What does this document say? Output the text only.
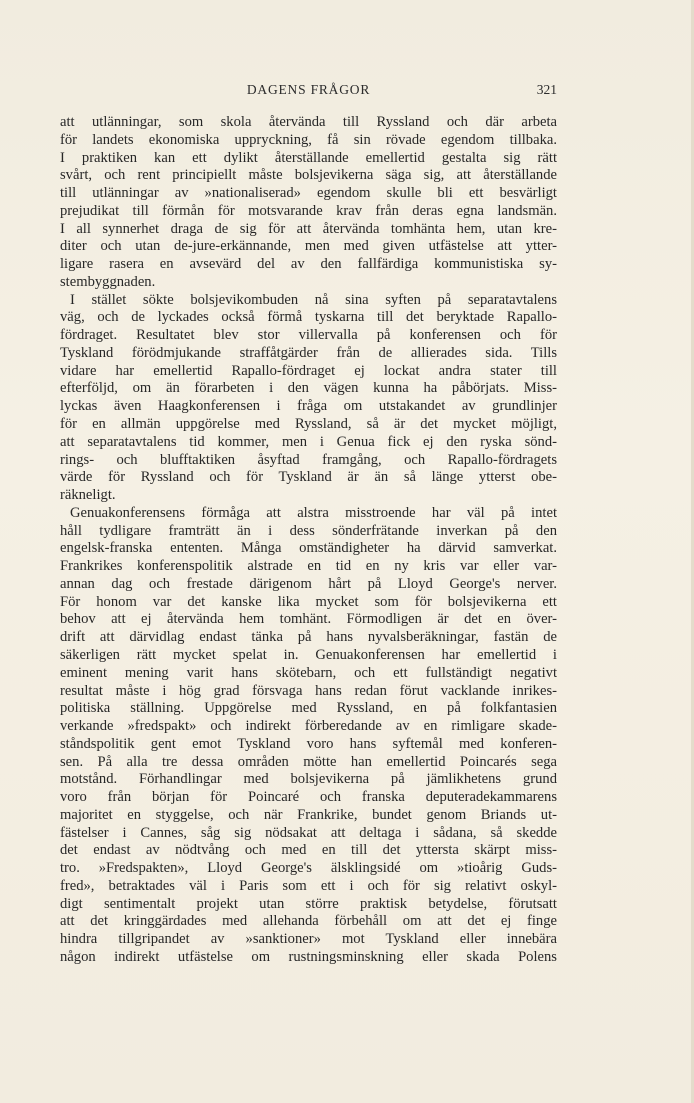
DAGENS FRÅGOR	321
att utlänningar, som skola återvända till Ryssland och där arbeta
för landets ekonomiska uppryckning, få sin rövade egendom tillbaka.
I praktiken kan ett dylikt återställande emellertid gestalta sig rätt
svårt, och rent principiellt måste bolsjevikerna säga sig, att återställande
till utlänningar av »nationaliserad» egendom skulle bli ett besvärligt
prejudikat till förmån för motsvarande krav från deras egna landsmän.
I all synnerhet draga de sig för att återvända tomhänta hem, utan kre-
diter och utan de-jure-erkännande, men med given utfästelse att ytter-
ligare rasera en avsevärd del av den fallfärdiga kommunistiska sy-
stembyggnaden.
I stället sökte bolsjevikombuden nå sina syften på separatavtalens
väg, och de lyckades också förmå tyskarna till det beryktade Rapallo-
fördraget. Resultatet blev stor villervalla på konferensen och för
Tyskland förödmjukande straffåtgärder från de allierades sida. Tills
vidare har emellertid Rapallo-fördraget ej lockat andra stater till
efterföljd, om än förarbeten i den vägen kunna ha påbörjats. Miss-
lyckas även Haagkonferensen i fråga om utstakandet av grundlinjer
för en allmän uppgörelse med Ryssland, så är det mycket möjligt,
att separatavtalens tid kommer, men i Genua fick ej den ryska sönd-
rings- och blufftaktiken åsyftad framgång, och Rapallo-fördragets
värde för Ryssland och för Tyskland är än så länge ytterst obe-
räkneligt.
Genuakonferensens förmåga att alstra misstroende har väl på intet
håll tydligare framträtt än i dess sönderfrätande inverkan på den
engelsk-franska ententen. Många omständigheter ha därvid samverkat.
Frankrikes konferenspolitik alstrade en tid en ny kris var eller var-
annan dag och frestade därigenom hårt på Lloyd George's nerver.
För honom var det kanske lika mycket som för bolsjevikerna ett
behov att ej återvända hem tomhänt. Förmodligen är det en över-
drift att därvidlag endast tänka på hans nyvalsberäkningar, fastän de
säkerligen rätt mycket spelat in. Genuakonferensen har emellertid i
eminent mening varit hans skötebarn, och ett fullständigt negativt
resultat måste i hög grad försvaga hans redan förut vacklande inrikes-
politiska ställning. Uppgörelse med Ryssland, en på folkfantasien
verkande »fredspakt» och indirekt förberedande av en rimligare skade-
ståndspolitik gent emot Tyskland voro hans syftemål med konferen-
sen. På alla tre dessa områden mötte han emellertid Poincarés sega
motstånd. Förhandlingar med bolsjevikerna på jämlikhetens grund
voro från början för Poincaré och franska deputeradekammarens
majoritet en styggelse, och när Frankrike, bundet genom Briands ut-
fästelser i Cannes, såg sig nödsakat att deltaga i sådana, så skedde
det endast av nödtvång och med en till det yttersta skärpt miss-
tro. »Fredspakten», Lloyd George's älsklingsidé om »tioårig Guds-
fred», betraktades väl i Paris som ett i och för sig relativt oskyl-
digt sentimentalt projekt utan större praktisk betydelse, förutsatt
att det kringgärdades med allehanda förbehåll om att det ej finge
hindra tillgripandet av »sanktioner» mot Tyskland eller innebära
någon indirekt utfästelse om rustningsminskning eller skada Polens
